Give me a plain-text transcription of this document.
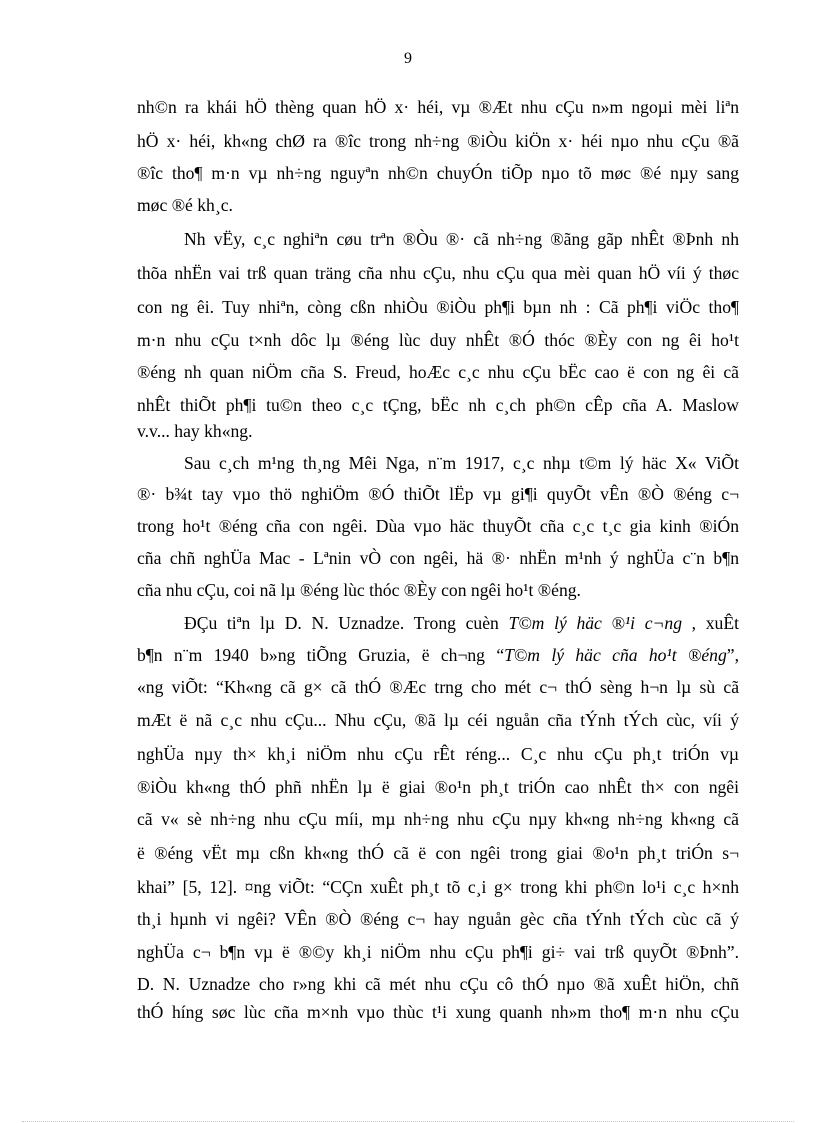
9
nh©n ra khái hÖ thèng quan hÖ x· héi, vµ ®Æt nhu cÇu n»m ngoµi mèi liªn
hÖ x· héi, kh«ng chØ ra ®îc trong nh÷ng ®iÒu kiÖn x· héi nµo nhu cÇu ®ã
®îc tho¶ m·n vµ nh÷ng nguyªn nh©n chuyÓn tiÕp nµo tõ møc ®é nµy sang
møc ®é kh¸c.
Nh vËy, c¸c nghiªn cøu trªn ®Òu ®· cã nh÷ng ®ãng gãp nhÊt ®Þnh nh
thõa nhËn vai trß quan träng cña nhu cÇu, nhu cÇu qua mèi quan hÖ víi ý thøc
con ng êi. Tuy nhiªn, còng cßn nhiÒu ®iÒu ph¶i bµn nh : Cã ph¶i viÖc tho¶
m·n nhu cÇu t×nh dôc lµ ®éng lùc duy nhÊt ®Ó thóc ®Èy con ng êi ho¹t
®éng nh quan niÖm cña S. Freud, hoÆc c¸c nhu cÇu bËc cao ë con ng êi cã
nhÊt thiÕt ph¶i tu©n theo c¸c tÇng, bËc nh c¸ch ph©n cÊp cña A. Maslow
v.v... hay kh«ng.
Sau c¸ch m¹ng th¸ng Mêi Nga, n¨m 1917, c¸c nhµ t©m lý häc X« ViÕt
®· b¾t tay vµo thö nghiÖm ®Ó thiÕt lËp vµ gi¶i quyÕt vÊn ®Ò ®éng c¬
trong ho¹t ®éng cña con ngêi. Dùa vµo häc thuyÕt cña c¸c t¸c gia kinh ®iÓn
cña chñ nghÜa Mac - Lªnin vÒ con ngêi, hä ®· nhËn m¹nh ý nghÜa c¨n b¶n
cña nhu cÇu, coi nã lµ ®éng lùc thóc ®Èy con ngêi ho¹t ®éng.
ĐÇu tiªn lµ D. N. Uznadze. Trong cuèn T©m lý häc ®¹i c¬ng , xuÊt
b¶n n¨m 1940 b»ng tiÕng Gruzia, ë ch¬ng “T©m lý häc cña ho¹t ®éng”,
«ng viÕt: “Kh«ng cã g× cã thÓ ®Æc trng cho mét c¬ thÓ sèng h¬n lµ sù cã
mÆt ë nã c¸c nhu cÇu... Nhu cÇu, ®ã lµ céi nguån cña tÝnh tÝch cùc, víi ý
nghÜa nµy th× kh¸i niÖm nhu cÇu rÊt réng... C¸c nhu cÇu ph¸t triÓn vµ
®iÒu kh«ng thÓ phñ nhËn lµ ë giai ®o¹n ph¸t triÓn cao nhÊt th× con ngêi
cã v« sè nh÷ng nhu cÇu míi, mµ nh÷ng nhu cÇu nµy kh«ng nh÷ng kh«ng cã
ë ®éng vËt mµ cßn kh«ng thÓ cã ë con ngêi trong giai ®o¹n ph¸t triÓn s¬
khai” [5, 12]. ¤ng viÕt: “CÇn xuÊt ph¸t tõ c¸i g× trong khi ph©n lo¹i c¸c h×nh
th¸i hµnh vi ngêi? VÊn ®Ò ®éng c¬ hay nguån gèc cña tÝnh tÝch cùc cã ý
nghÜa c¬ b¶n vµ ë ®©y kh¸i niÖm nhu cÇu ph¶i gi÷ vai trß quyÕt ®Þnh”.
D. N. Uznadze cho r»ng khi cã mét nhu cÇu cô thÓ nµo ®ã xuÊt hiÖn, chñ
thÓ híng søc lùc cña m×nh vµo thùc t¹i xung quanh nh»m tho¶ m·n nhu cÇu
